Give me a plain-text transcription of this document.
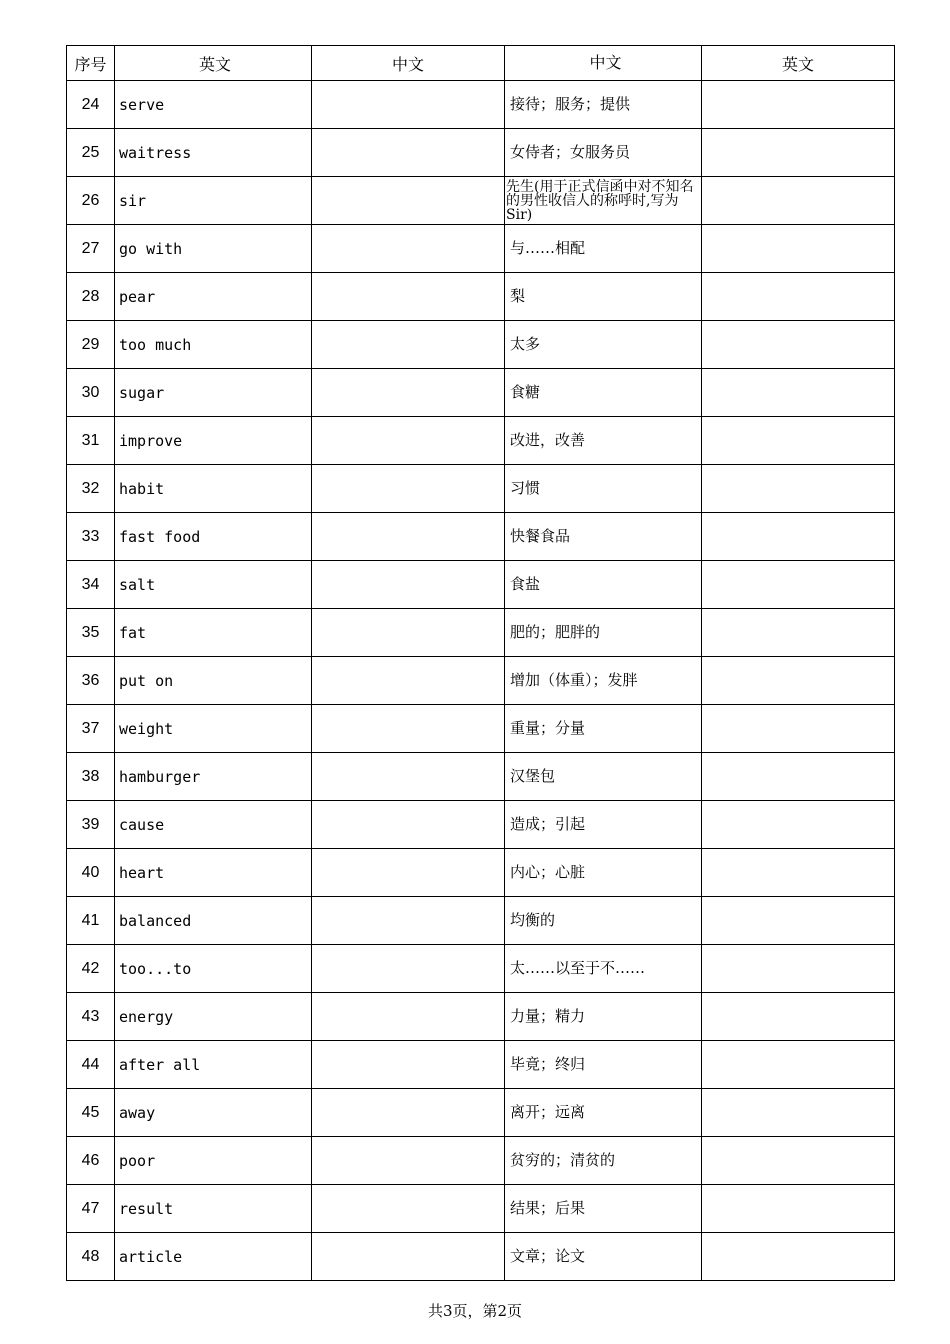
序号	英文	中文	中文	英文
24	serve		接待；服务；提供	
25	waitress		女侍者；女服务员	
26	sir		先生(用于正式信函中对不知名的男性收信人的称呼时,写为Sir)	
27	go with		与……相配	
28	pear		梨	
29	too much		太多	
30	sugar		食糖	
31	improve		改进，改善	
32	habit		习惯	
33	fast food		快餐食品	
34	salt		食盐	
35	fat		肥的；肥胖的	
36	put on		增加（体重）；发胖	
37	weight		重量；分量	
38	hamburger		汉堡包	
39	cause		造成；引起	
40	heart		内心；心脏	
41	balanced		均衡的	
42	too...to		太……以至于不……	
43	energy		力量；精力	
44	after all		毕竟；终归	
45	away		离开；远离	
46	poor		贫穷的；清贫的	
47	result		结果；后果	
48	article		文章；论文	
共3页，第2页
